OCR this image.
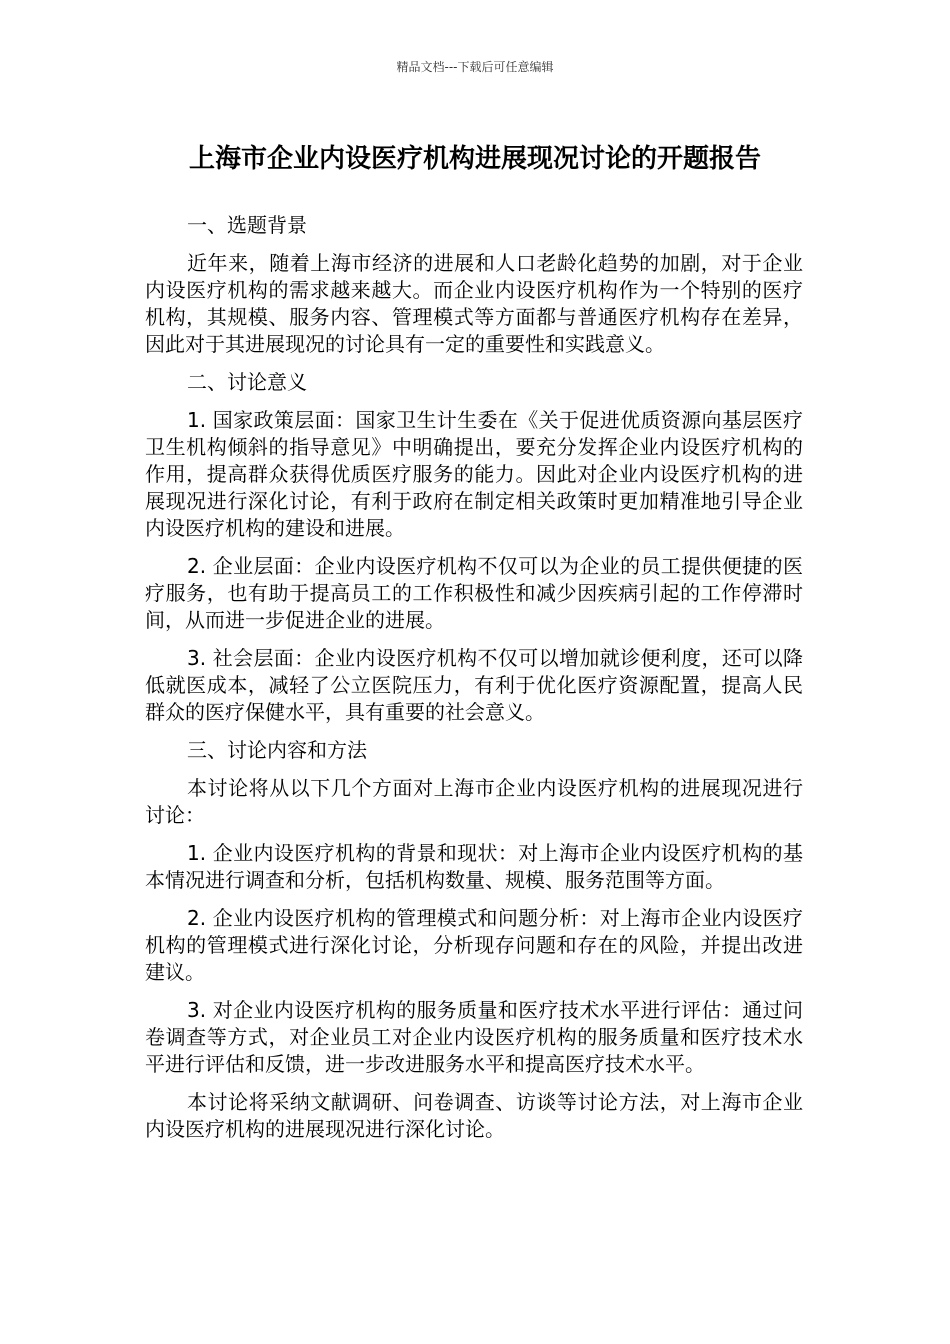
精品文档---下载后可任意编辑
上海市企业内设医疗机构进展现况讨论的开题报告

一、选题背景

近年来，随着上海市经济的进展和人口老龄化趋势的加剧，对于企业内设医疗机构的需求越来越大。而企业内设医疗机构作为一个特别的医疗机构，其规模、服务内容、管理模式等方面都与普通医疗机构存在差异，因此对于其进展现况的讨论具有一定的重要性和实践意义。

二、讨论意义

1. 国家政策层面：国家卫生计生委在《关于促进优质资源向基层医疗卫生机构倾斜的指导意见》中明确提出，要充分发挥企业内设医疗机构的作用，提高群众获得优质医疗服务的能力。因此对企业内设医疗机构的进展现况进行深化讨论，有利于政府在制定相关政策时更加精准地引导企业内设医疗机构的建设和进展。

2. 企业层面：企业内设医疗机构不仅可以为企业的员工提供便捷的医疗服务，也有助于提高员工的工作积极性和减少因疾病引起的工作停滞时间，从而进一步促进企业的进展。

3. 社会层面：企业内设医疗机构不仅可以增加就诊便利度，还可以降低就医成本，减轻了公立医院压力，有利于优化医疗资源配置，提高人民群众的医疗保健水平，具有重要的社会意义。

三、讨论内容和方法

本讨论将从以下几个方面对上海市企业内设医疗机构的进展现况进行讨论：

1. 企业内设医疗机构的背景和现状：对上海市企业内设医疗机构的基本情况进行调查和分析，包括机构数量、规模、服务范围等方面。

2. 企业内设医疗机构的管理模式和问题分析：对上海市企业内设医疗机构的管理模式进行深化讨论，分析现存问题和存在的风险，并提出改进建议。

3. 对企业内设医疗机构的服务质量和医疗技术水平进行评估：通过问卷调查等方式，对企业员工对企业内设医疗机构的服务质量和医疗技术水平进行评估和反馈，进一步改进服务水平和提高医疗技术水平。

本讨论将采纳文献调研、问卷调查、访谈等讨论方法，对上海市企业内设医疗机构的进展现况进行深化讨论。
